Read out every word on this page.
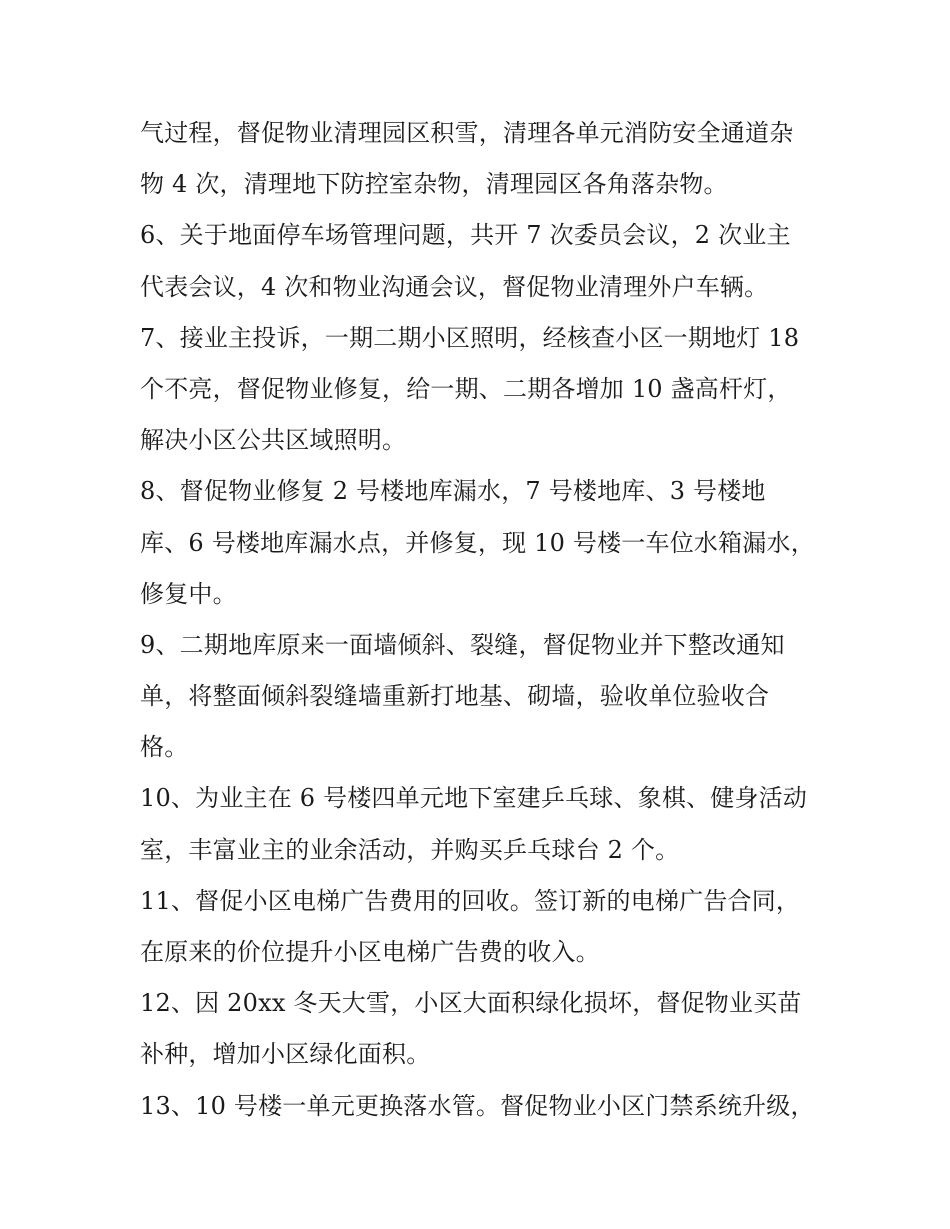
气过程，督促物业清理园区积雪，清理各单元消防安全通道杂
物 4 次，清理地下防控室杂物，清理园区各角落杂物。
6、关于地面停车场管理问题，共开 7 次委员会议，2 次业主
代表会议，4 次和物业沟通会议，督促物业清理外户车辆。
7、接业主投诉，一期二期小区照明，经核查小区一期地灯 18
个不亮，督促物业修复，给一期、二期各增加 10 盏高杆灯，
解决小区公共区域照明。
8、督促物业修复 2 号楼地库漏水，7 号楼地库、3 号楼地
库、6 号楼地库漏水点，并修复，现 10 号楼一车位水箱漏水，
修复中。
9、二期地库原来一面墙倾斜、裂缝，督促物业并下整改通知
单，将整面倾斜裂缝墙重新打地基、砌墙，验收单位验收合
格。
10、为业主在 6 号楼四单元地下室建乒乓球、象棋、健身活动
室，丰富业主的业余活动，并购买乒乓球台 2 个。
11、督促小区电梯广告费用的回收。签订新的电梯广告合同，
在原来的价位提升小区电梯广告费的收入。
12、因 20xx 冬天大雪，小区大面积绿化损坏，督促物业买苗
补种，增加小区绿化面积。
13、10 号楼一单元更换落水管。督促物业小区门禁系统升级，
